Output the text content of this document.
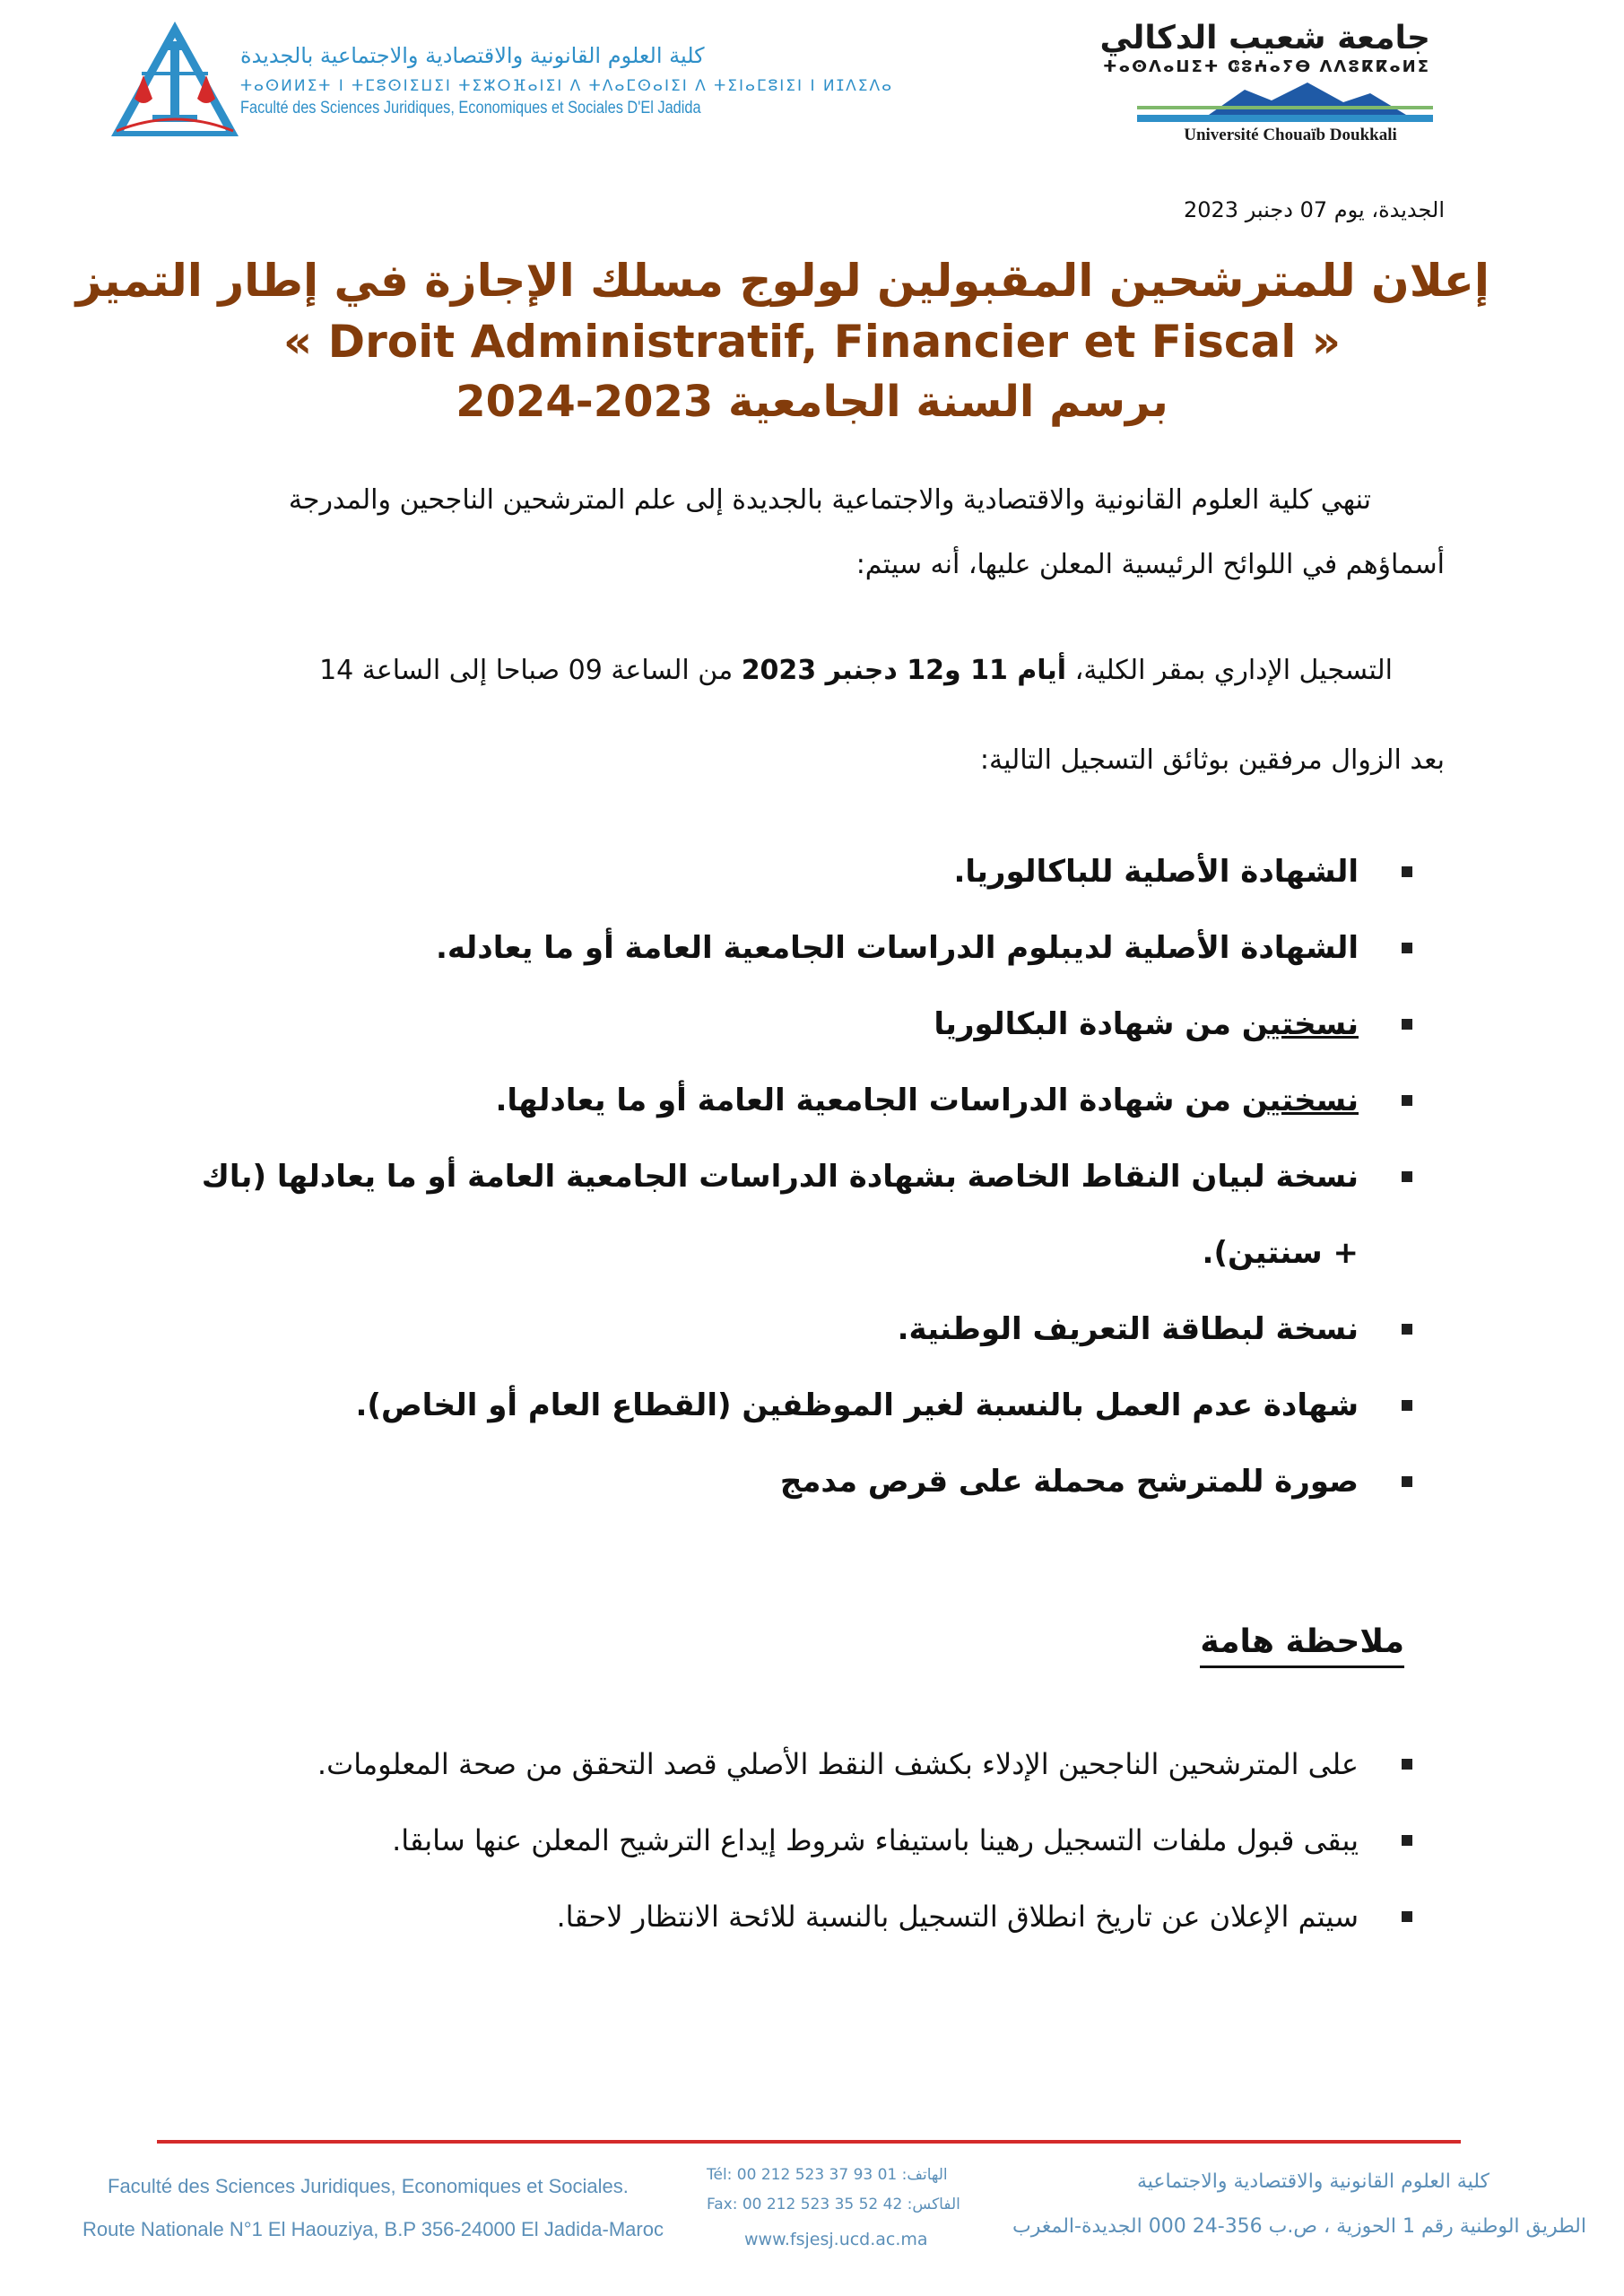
كلية العلوم القانونية والاقتصادية والاجتماعية بالجديدة
ⵜⴰⵙⵍⵍⵉⵜ ⵏ ⵜⵎⵓⵙⵏⵉⵡⵉⵏ ⵜⵉⵣⵔⴼⴰⵏⵉⵏ ⴷ ⵜⴷⴰⵎⵙⴰⵏⵉⵏ ⴷ ⵜⵉⵏⴰⵎⵓⵏⵉⵏ ⵏ ⵍⵊⴷⵉⴷⴰ
Faculté des Sciences Juridiques, Economiques et Sociales D'El Jadida
جامعة شعيب الدكالي
ⵜⴰⵙⴷⴰⵡⵉⵜ ⵛⵓⵄⴰⵢⴱ ⴷⴷⵓⴽⴽⴰⵍⵉ
Université Chouaïb Doukkali
الجديدة، يوم 07 دجنبر 2023
إعلان للمترشحين المقبولين لولوج مسلك الإجازة في إطار التميز
« Droit Administratif, Financier et Fiscal »
برسم السنة الجامعية 2023-2024
تنهي كلية العلوم القانونية والاقتصادية والاجتماعية بالجديدة إلى علم المترشحين الناجحين والمدرجة
أسماؤهم في اللوائح الرئيسية المعلن عليها، أنه سيتم:
التسجيل الإداري بمقر الكلية، أيام 11 و12 دجنبر 2023 من الساعة 09 صباحا إلى الساعة 14
بعد الزوال مرفقين بوثائق التسجيل التالية:
الشهادة الأصلية للباكالوريا.
الشهادة الأصلية لديبلوم الدراسات الجامعية العامة أو ما يعادله.
نسختين من شهادة البكالوريا
نسختين من شهادة الدراسات الجامعية العامة أو ما يعادلها.
نسخة لبيان النقاط الخاصة بشهادة الدراسات الجامعية العامة أو ما يعادلها (باك + سنتين).
نسخة لبطاقة التعريف الوطنية.
شهادة عدم العمل بالنسبة لغير الموظفين (القطاع العام أو الخاص).
صورة للمترشح محملة على قرص مدمج
ملاحظة هامة
على المترشحين الناجحين الإدلاء بكشف النقط الأصلي قصد التحقق من صحة المعلومات.
يبقى قبول ملفات التسجيل رهينا باستيفاء شروط إيداع الترشيح المعلن عنها سابقا.
سيتم الإعلان عن تاريخ انطلاق التسجيل بالنسبة للائحة الانتظار لاحقا.
Faculté des Sciences Juridiques, Economiques et Sociales.
Route Nationale N°1 El Haouziya, B.P 356-24000 El Jadida-Maroc
Tél: 00 212 523 37 93 01 :الهاتف
Fax: 00 212 523 35 52 42 :الفاكس
www.fsjesj.ucd.ac.ma
كلية العلوم القانونية والاقتصادية والاجتماعية
الطريق الوطنية رقم 1 الحوزية ، ص.ب 356-24 000 الجديدة-المغرب
